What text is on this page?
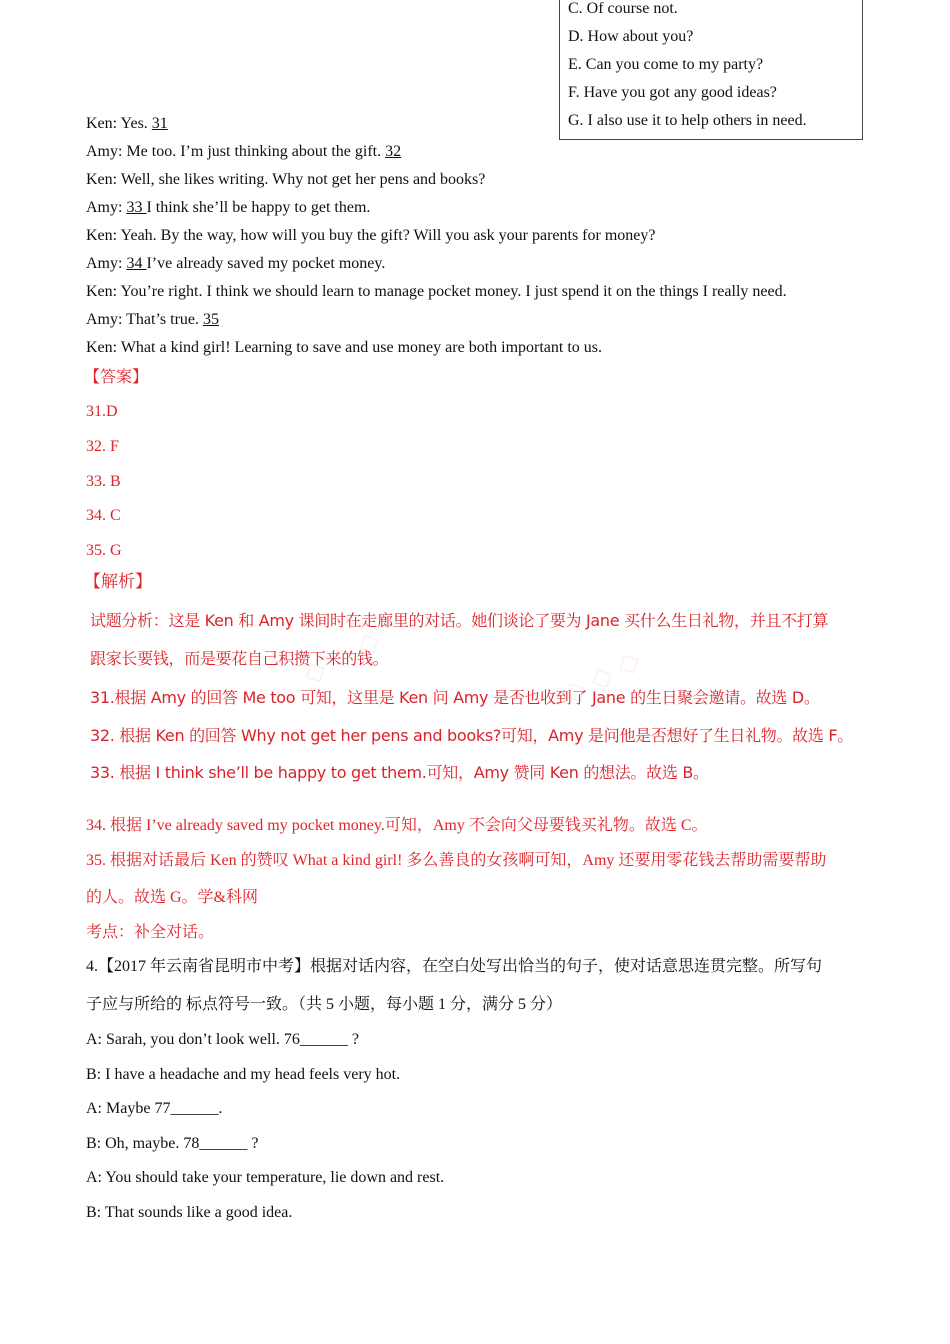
◇ ◇ ◇
◇ ◇ ◇
C. Of course not.
D. How about you?
E. Can you come to my party?
F. Have you got any good ideas?
G. I also use it to help others in need.
Ken: Yes. 31
Amy: Me too. I’m just thinking about the gift. 32
Ken: Well, she likes writing. Why not get her pens and books?
Amy: 33 I think she’ll be happy to get them.
Ken: Yeah. By the way, how will you buy the gift? Will you ask your parents for money?
Amy: 34 I’ve already saved my pocket money.
Ken: You’re right. I think we should learn to manage pocket money. I just spend it on the things I really need.
Amy: That’s true. 35
Ken: What a kind girl! Learning to save and use money are both important to us.
【答案】
31.D
32. F
33. B
34. C
35. G
【解析】
试题分析：这是 Ken 和 Amy 课间时在走廊里的对话。她们谈论了要为 Jane 买什么生日礼物，并且不打算
跟家长要钱，而是要花自己积攒下来的钱。
31.根据 Amy 的回答 Me too 可知，这里是 Ken 问 Amy 是否也收到了 Jane 的生日聚会邀请。故选 D。
32. 根据 Ken 的回答 Why not get her pens and books?可知，Amy 是问他是否想好了生日礼物。故选 F。
33. 根据 I think she’ll be happy to get them.可知，Amy 赞同 Ken 的想法。故选 B。
34. 根据 I’ve already saved my pocket money.可知，Amy 不会向父母要钱买礼物。故选 C。
35. 根据对话最后 Ken 的赞叹 What a kind girl! 多么善良的女孩啊可知，Amy 还要用零花钱去帮助需要帮助
的人。故选 G。学&科网
考点：补全对话。
4.【2017 年云南省昆明市中考】根据对话内容，在空白处写出恰当的句子，使对话意思连贯完整。所写句
子应与所给的 标点符号一致。（共 5 小题，每小题 1 分，满分 5 分）
A: Sarah, you don’t look well. 76______ ?
B: I have a headache and my head feels very hot.
A: Maybe 77______.
B: Oh, maybe. 78______ ?
A: You should take your temperature, lie down and rest.
B: That sounds like a good idea.
